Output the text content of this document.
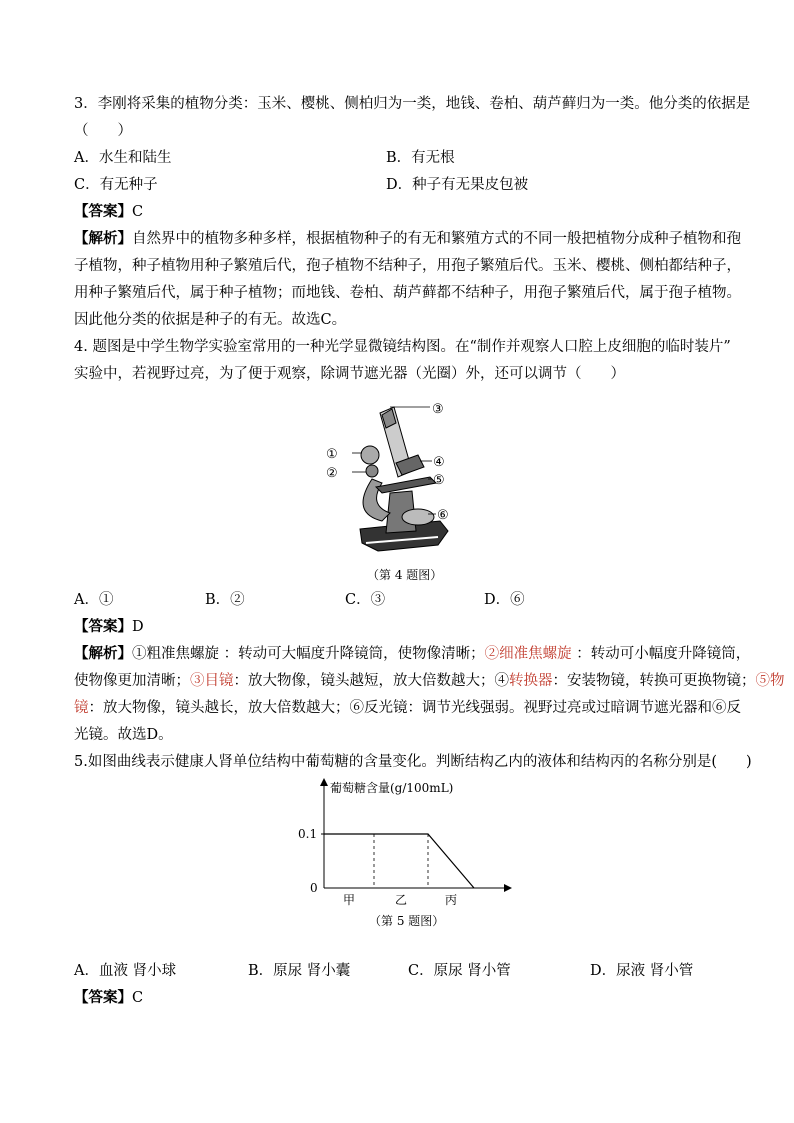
3．李刚将采集的植物分类：玉米、樱桃、侧柏归为一类，地钱、卷柏、葫芦藓归为一类。他分类的依据是
（　　）
A．水生和陆生	B．有无根
C．有无种子	D．种子有无果皮包被
【答案】C
【解析】自然界中的植物多种多样，根据植物种子的有无和繁殖方式的不同一般把植物分成种子植物和孢
子植物，种子植物用种子繁殖后代，孢子植物不结种子，用孢子繁殖后代。玉米、樱桃、侧柏都结种子，
用种子繁殖后代，属于种子植物；而地钱、卷柏、葫芦藓都不结种子，用孢子繁殖后代，属于孢子植物。
因此他分类的依据是种子的有无。故选C。
4. 题图是中学生物学实验室常用的一种光学显微镜结构图。在“制作并观察人口腔上皮细胞的临时装片”
实验中，若视野过亮，为了便于观察，除调节遮光器（光圈）外，还可以调节（　　）
①
②
③
④
⑤
⑥
（第 4 题图）
A．①	B．②	C．③	D．⑥
【答案】D
【解析】①粗准焦螺旋 ：转动可大幅度升降镜筒，使物像清晰；②细准焦螺旋 ：转动可小幅度升降镜筒，
使物像更加清晰；③目镜：放大物像，镜头越短，放大倍数越大；④转换器：安装物镜，转换可更换物镜；⑤物
镜：放大物像，镜头越长，放大倍数越大；⑥反光镜：调节光线强弱。视野过亮或过暗调节遮光器和⑥反
光镜。故选D。
5.如图曲线表示健康人肾单位结构中葡萄糖的含量变化。判断结构乙内的液体和结构丙的名称分别是(　　)
葡萄糖含量(g/100mL)
0
0.1
甲	乙	丙
（第 5 题图）
A．血液 肾小球	B．原尿 肾小囊	C．原尿 肾小管	D．尿液 肾小管
【答案】C
